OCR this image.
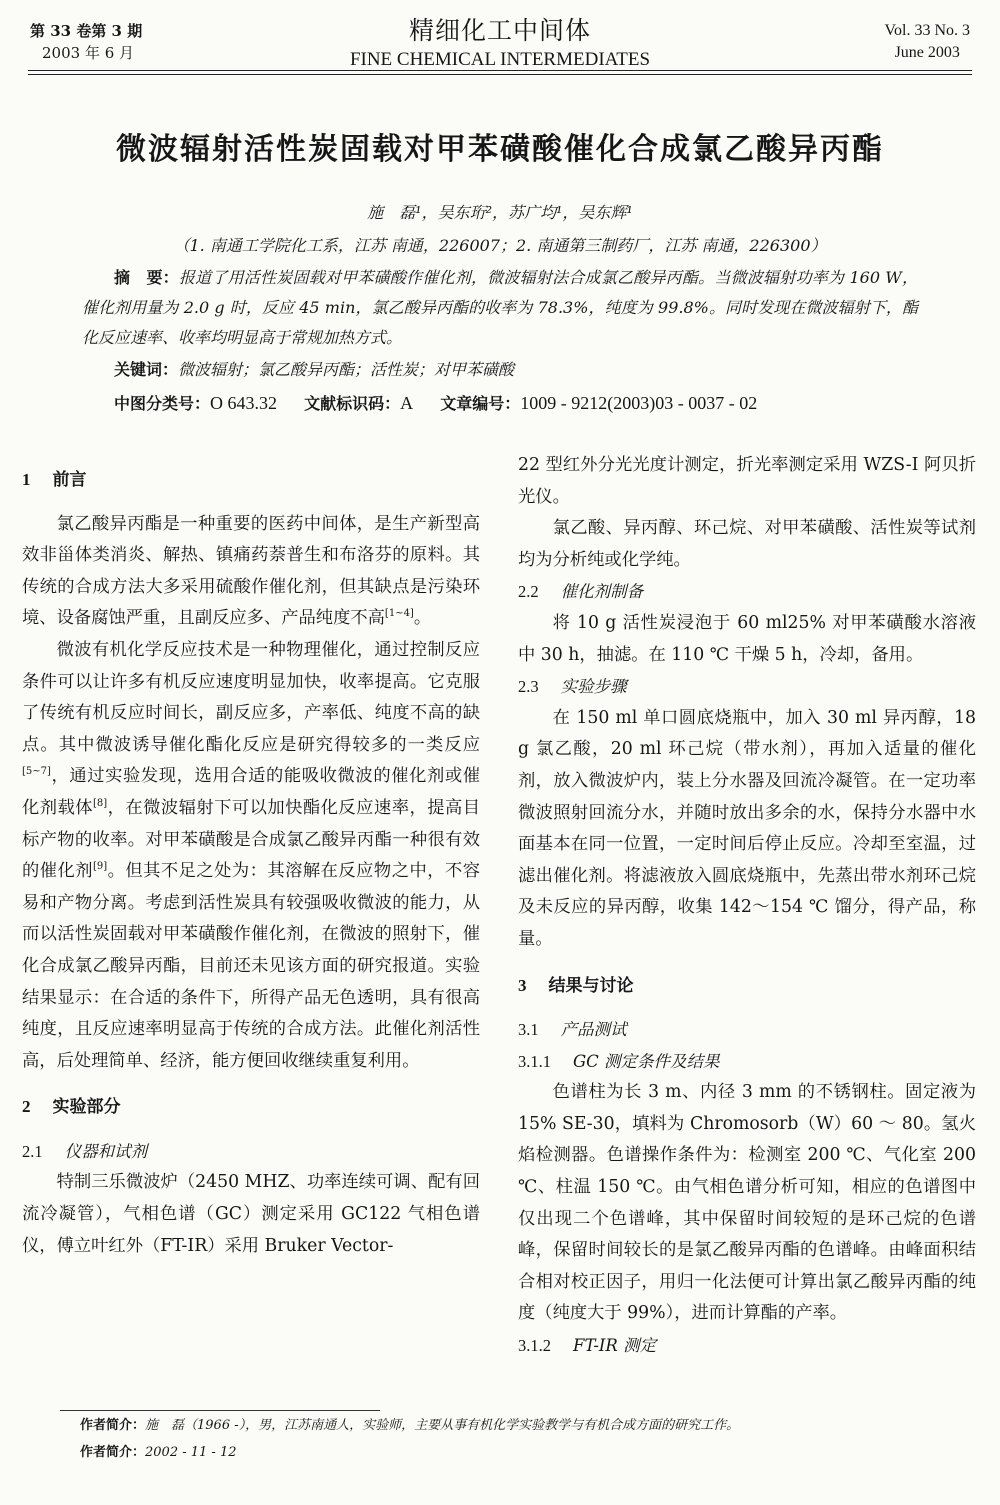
第 33 卷第 3 期
2003 年 6 月
精细化工中间体
FINE CHEMICAL INTERMEDIATES
Vol. 33 No. 3
June 2003
微波辐射活性炭固载对甲苯磺酸催化合成氯乙酸异丙酯
施　磊¹，吴东珩²，苏广均¹，吴东辉¹
（1. 南通工学院化工系，江苏 南通，226007；2. 南通第三制药厂，江苏 南通，226300）

摘　要：报道了用活性炭固载对甲苯磺酸作催化剂，微波辐射法合成氯乙酸异丙酯。当微波辐射功率为 160 W，催化剂用量为 2.0 g 时，反应 45 min，氯乙酸异丙酯的收率为 78.3%，纯度为 99.8%。同时发现在微波辐射下，酯化反应速率、收率均明显高于常规加热方式。

关键词：微波辐射；氯乙酸异丙酯；活性炭；对甲苯磺酸
中图分类号：O 643.32 文献标识码：A 文章编号：1009 - 9212(2003)03 - 0037 - 02
1 前言

氯乙酸异丙酯是一种重要的医药中间体，是生产新型高效非甾体类消炎、解热、镇痛药萘普生和布洛芬的原料。其传统的合成方法大多采用硫酸作催化剂，但其缺点是污染环境、设备腐蚀严重，且副反应多、产品纯度不高[1~4]。

微波有机化学反应技术是一种物理催化，通过控制反应条件可以让许多有机反应速度明显加快，收率提高。它克服了传统有机反应时间长，副反应多，产率低、纯度不高的缺点。其中微波诱导催化酯化反应是研究得较多的一类反应[5~7]，通过实验发现，选用合适的能吸收微波的催化剂或催化剂载体[8]，在微波辐射下可以加快酯化反应速率，提高目标产物的收率。对甲苯磺酸是合成氯乙酸异丙酯一种很有效的催化剂[9]。但其不足之处为：其溶解在反应物之中，不容易和产物分离。考虑到活性炭具有较强吸收微波的能力，从而以活性炭固载对甲苯磺酸作催化剂，在微波的照射下，催化合成氯乙酸异丙酯，目前还未见该方面的研究报道。实验结果显示：在合适的条件下，所得产品无色透明，具有很高纯度，且反应速率明显高于传统的合成方法。此催化剂活性高，后处理简单、经济，能方便回收继续重复利用。

2 实验部分
2.1 仪器和试剂

特制三乐微波炉（2450 MHZ、功率连续可调、配有回流冷凝管），气相色谱（GC）测定采用 GC122 气相色谱仪，傅立叶红外（FT-IR）采用 Bruker Vector-

22 型红外分光光度计测定，折光率测定采用 WZS-I 阿贝折光仪。

氯乙酸、异丙醇、环己烷、对甲苯磺酸、活性炭等试剂均为分析纯或化学纯。

2.2 催化剂制备

将 10 g 活性炭浸泡于 60 ml25% 对甲苯磺酸水溶液中 30 h，抽滤。在 110 ℃ 干燥 5 h，冷却，备用。

2.3 实验步骤

在 150 ml 单口圆底烧瓶中，加入 30 ml 异丙醇，18 g 氯乙酸，20 ml 环己烷（带水剂），再加入适量的催化剂，放入微波炉内，装上分水器及回流冷凝管。在一定功率微波照射回流分水，并随时放出多余的水，保持分水器中水面基本在同一位置，一定时间后停止反应。冷却至室温，过滤出催化剂。将滤液放入圆底烧瓶中，先蒸出带水剂环己烷及未反应的异丙醇，收集 142～154 ℃ 馏分，得产品，称量。

3 结果与讨论
3.1 产品测试
3.1.1 GC 测定条件及结果

色谱柱为长 3 m、内径 3 mm 的不锈钢柱。固定液为 15% SE-30，填料为 Chromosorb（W）60 ～ 80。氢火焰检测器。色谱操作条件为：检测室 200 ℃、气化室 200 ℃、柱温 150 ℃。由气相色谱分析可知，相应的色谱图中仅出现二个色谱峰，其中保留时间较短的是环己烷的色谱峰，保留时间较长的是氯乙酸异丙酯的色谱峰。由峰面积结合相对校正因子，用归一化法便可计算出氯乙酸异丙酯的纯度（纯度大于 99%），进而计算酯的产率。

3.1.2 FT-IR 测定
作者简介：施　磊（1966 -），男，江苏南通人，实验师，主要从事有机化学实验教学与有机合成方面的研究工作。
作者简介：2002 - 11 - 12
